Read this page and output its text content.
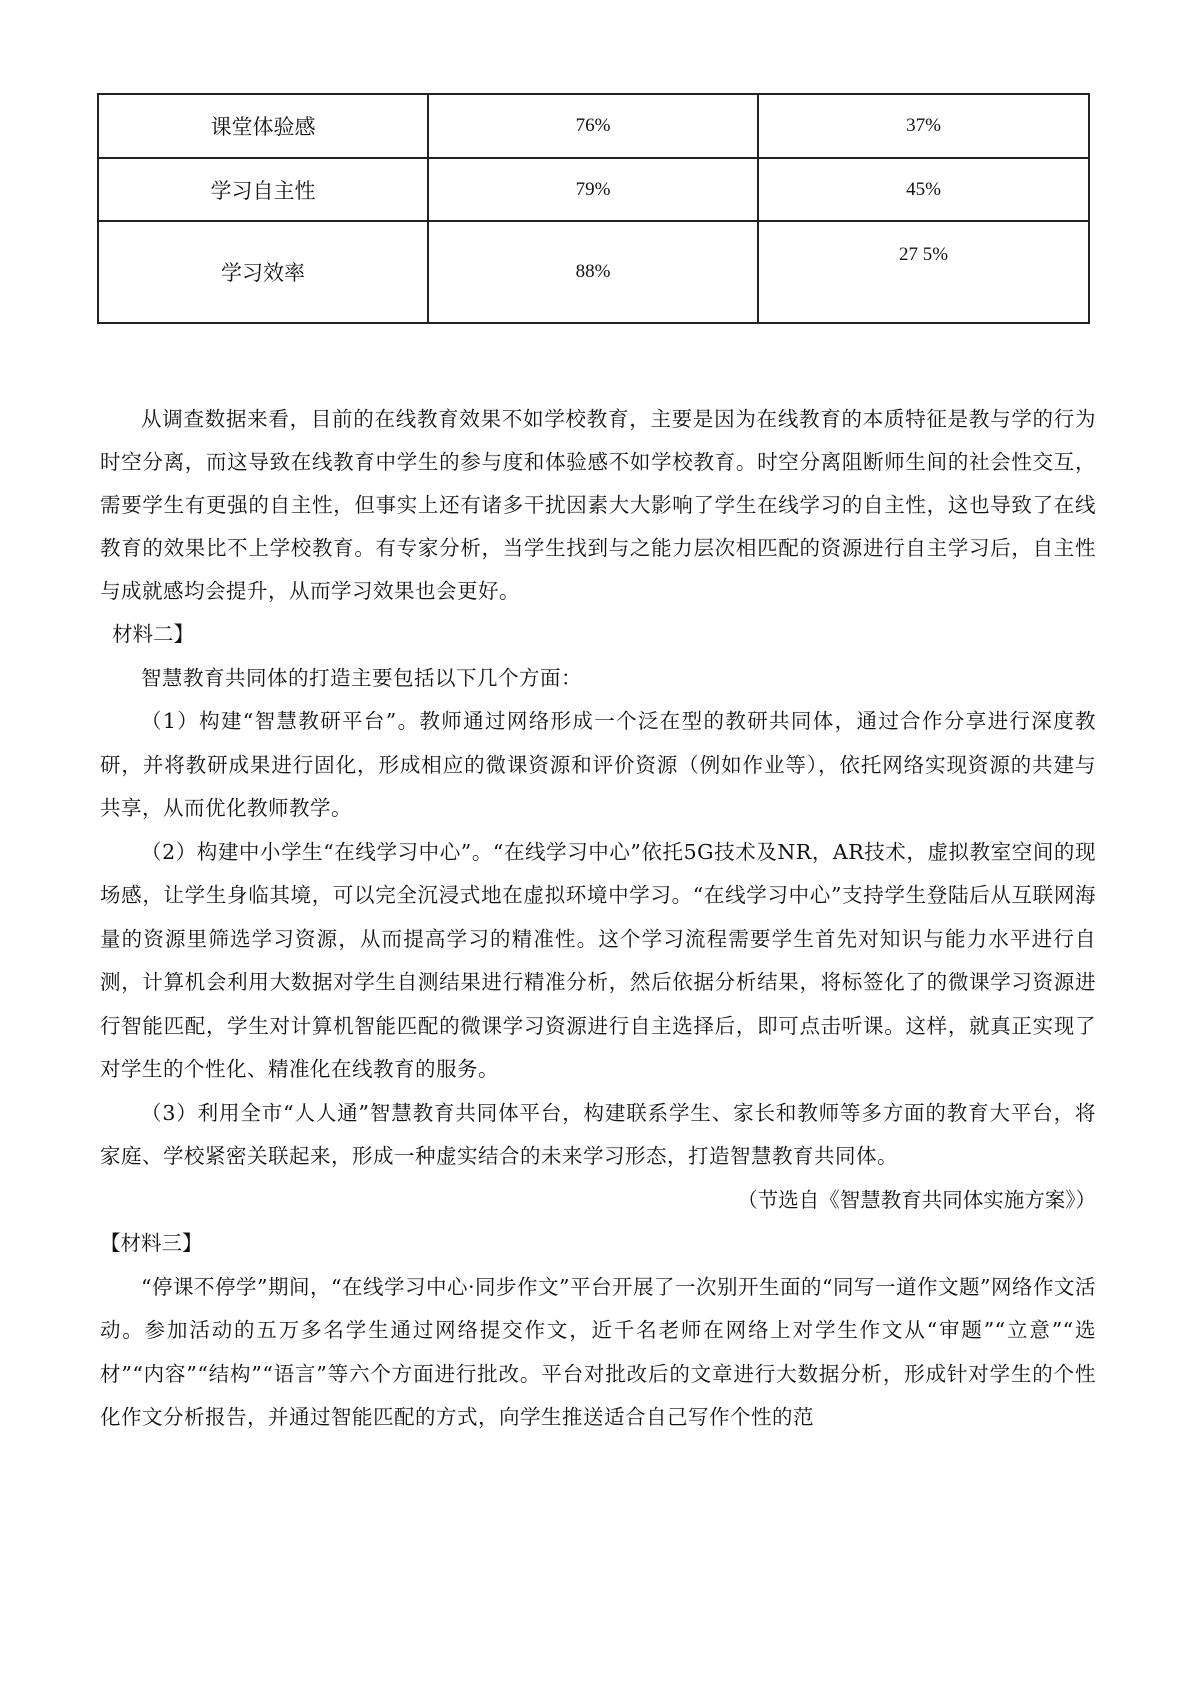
课堂体验感	76%	37%
学习自主性	79%	45%
学习效率	88%	27 5%

从调查数据来看，目前的在线教育效果不如学校教育，主要是因为在线教育的本质特征是教与学的行为时空分离，而这导致在线教育中学生的参与度和体验感不如学校教育。时空分离阻断师生间的社会性交互，需要学生有更强的自主性，但事实上还有诸多干扰因素大大影响了学生在线学习的自主性，这也导致了在线教育的效果比不上学校教育。有专家分析，当学生找到与之能力层次相匹配的资源进行自主学习后，自主性与成就感均会提升，从而学习效果也会更好。

材料二】

智慧教育共同体的打造主要包括以下几个方面：

（1）构建“智慧教研平台”。教师通过网络形成一个泛在型的教研共同体，通过合作分享进行深度教研，并将教研成果进行固化，形成相应的微课资源和评价资源（例如作业等），依托网络实现资源的共建与共享，从而优化教师教学。

（2）构建中小学生“在线学习中心”。“在线学习中心”依托5G技术及NR，AR技术，虚拟教室空间的现场感，让学生身临其境，可以完全沉浸式地在虚拟环境中学习。“在线学习中心”支持学生登陆后从互联网海量的资源里筛选学习资源，从而提高学习的精准性。这个学习流程需要学生首先对知识与能力水平进行自测，计算机会利用大数据对学生自测结果进行精准分析，然后依据分析结果，将标签化了的微课学习资源进行智能匹配，学生对计算机智能匹配的微课学习资源进行自主选择后，即可点击听课。这样，就真正实现了对学生的个性化、精准化在线教育的服务。

（3）利用全市“人人通”智慧教育共同体平台，构建联系学生、家长和教师等多方面的教育大平台，将家庭、学校紧密关联起来，形成一种虚实结合的未来学习形态，打造智慧教育共同体。

（节选自《智慧教育共同体实施方案》）

【材料三】

“停课不停学”期间，“在线学习中心·同步作文”平台开展了一次别开生面的“同写一道作文题”网络作文活动。参加活动的五万多名学生通过网络提交作文，近千名老师在网络上对学生作文从“审题”“立意”“选材”“内容”“结构”“语言”等六个方面进行批改。平台对批改后的文章进行大数据分析，形成针对学生的个性化作文分析报告，并通过智能匹配的方式，向学生推送适合自己写作个性的范
